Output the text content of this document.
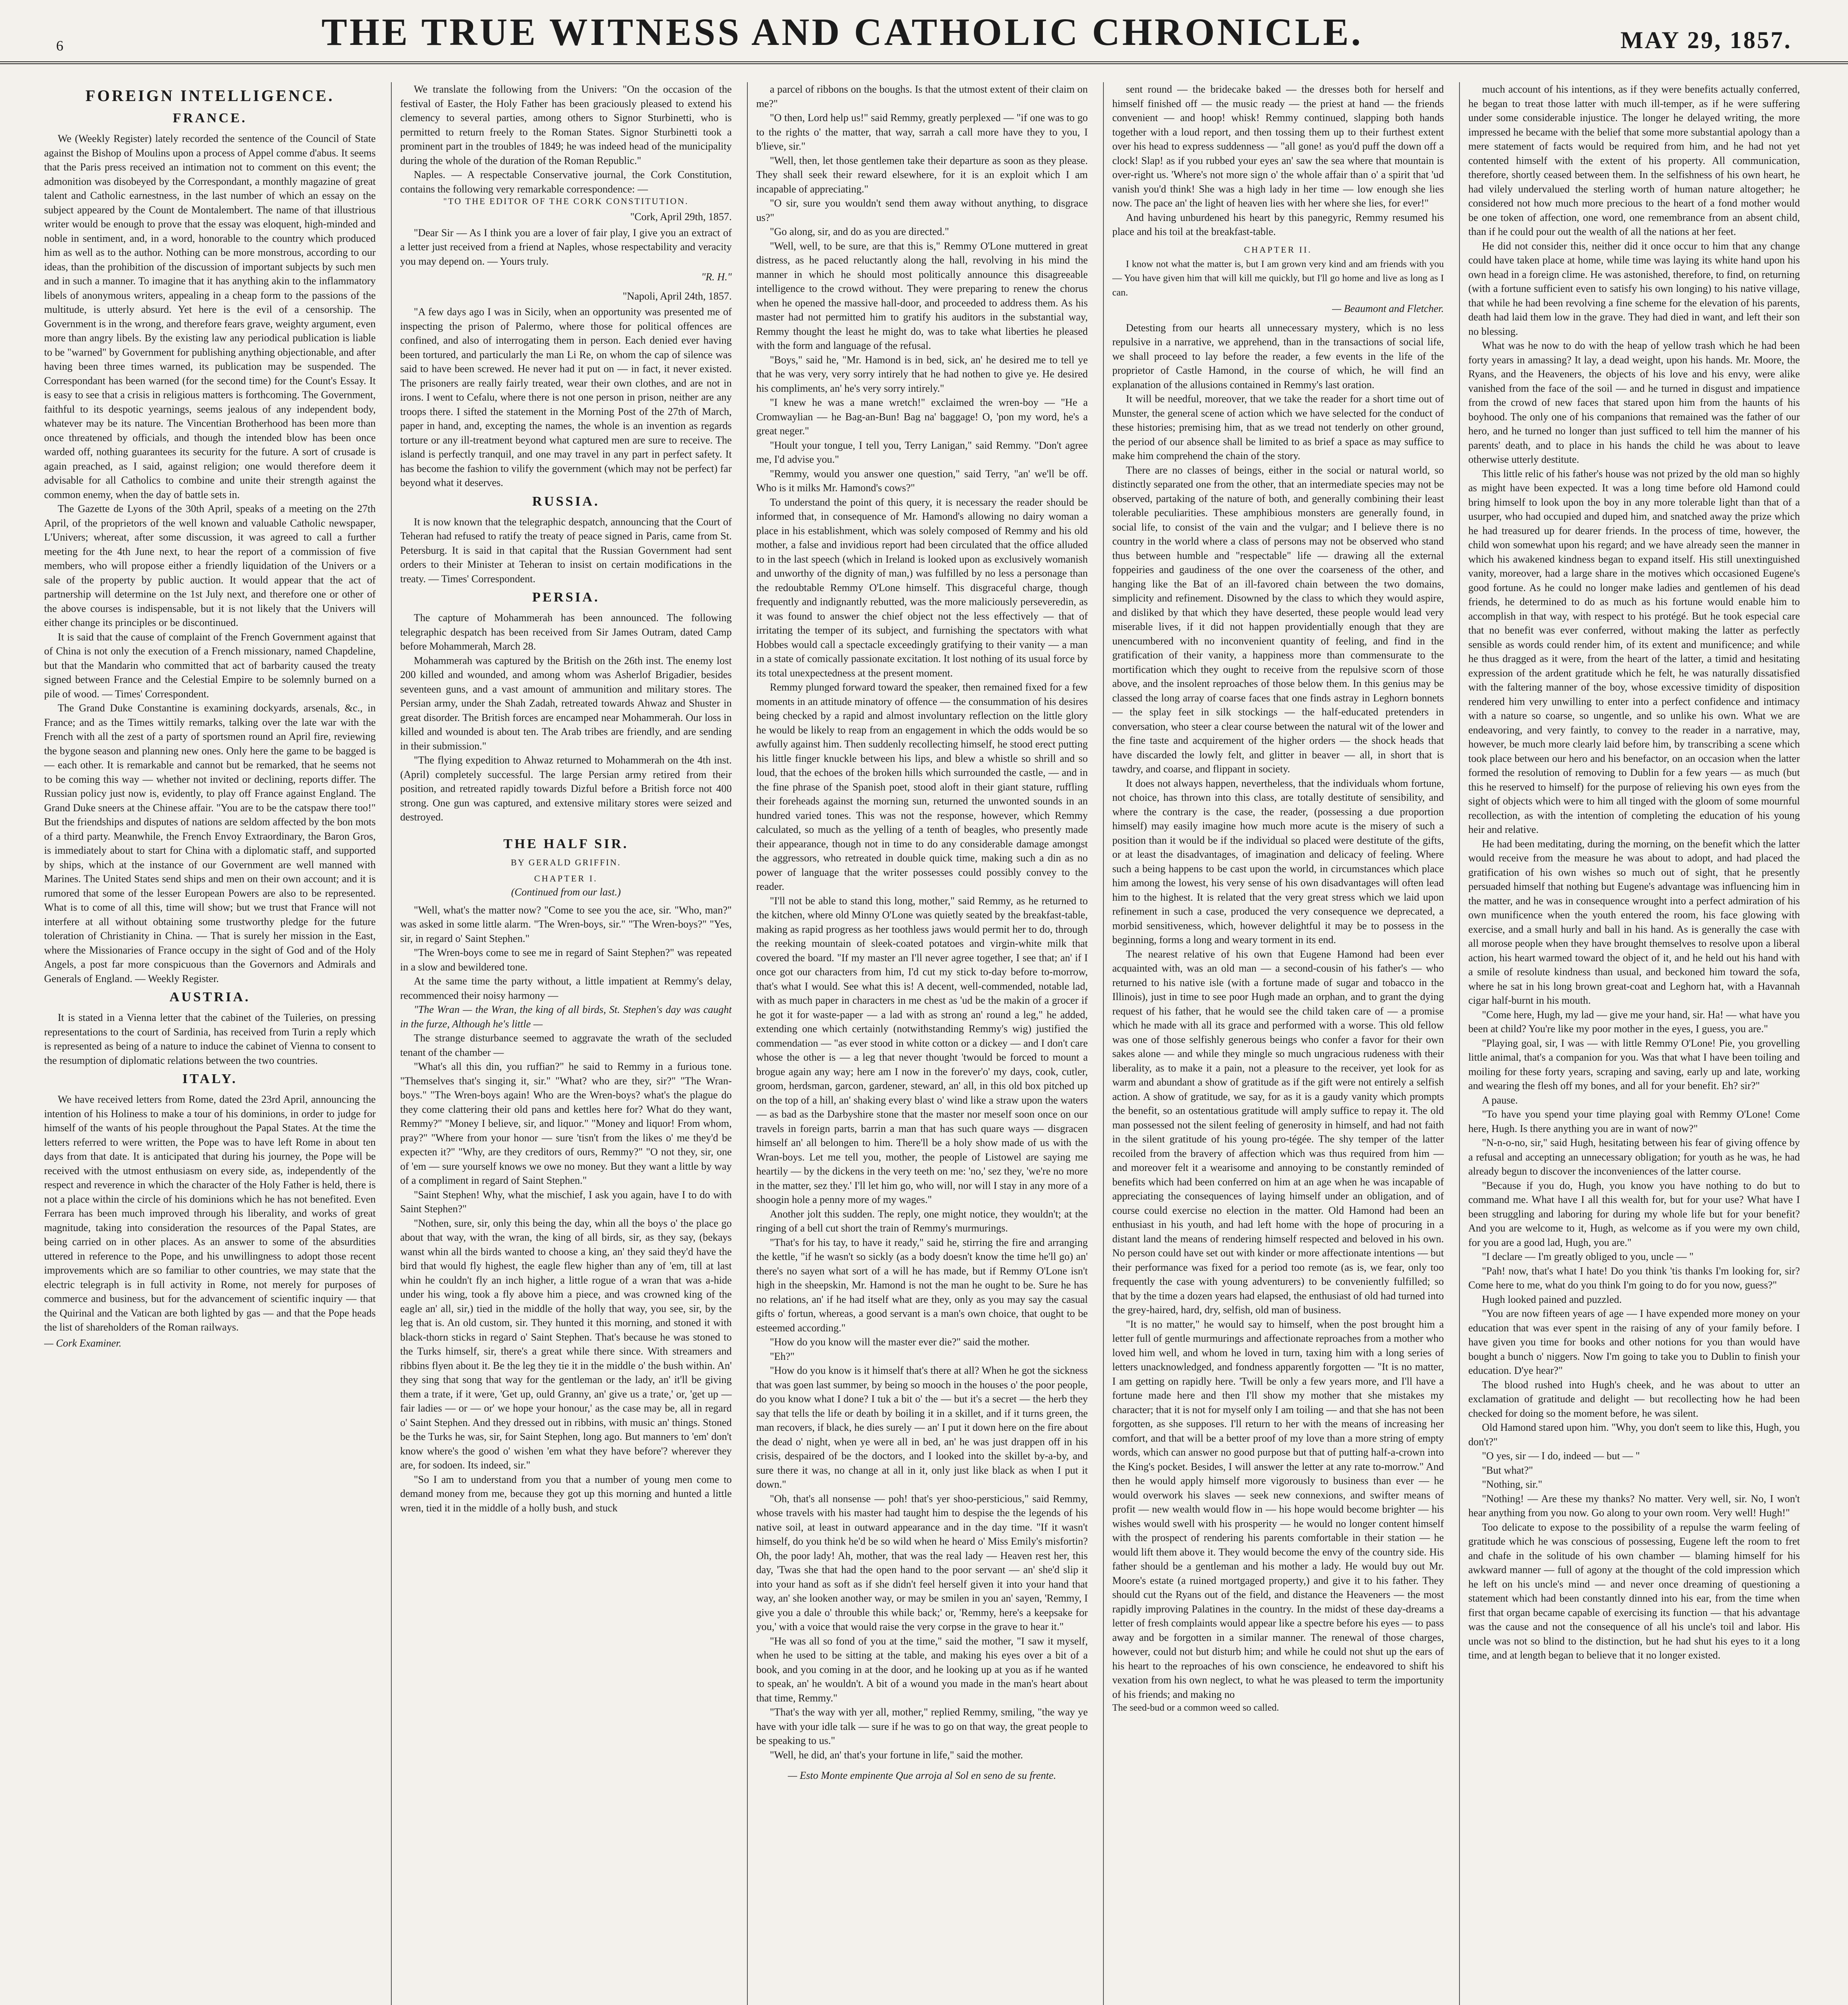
6	THE TRUE WITNESS AND CATHOLIC CHRONICLE.	MAY 29, 1857.
FOREIGN INTELLIGENCE.
FRANCE.

We (Weekly Register) lately recorded the sentence of the Council of State against the Bishop of Moulins upon a process of Appel comme d'abus. It seems that the Paris press received an intimation not to comment on this event; the admonition was disobeyed by the Correspondant, a monthly magazine of great talent and Catholic earnestness, in the last number of which an essay on the subject appeared by the Count de Montalembert. The name of that illustrious writer would be enough to prove that the essay was eloquent, high-minded and noble in sentiment, and, in a word, honorable to the country which produced him as well as to the author. Nothing can be more monstrous, according to our ideas, than the prohibition of the discussion of important subjects by such men and in such a manner. To imagine that it has anything akin to the inflammatory libels of anonymous writers, appealing in a cheap form to the passions of the multitude, is utterly absurd. Yet here is the evil of a censorship. The Government is in the wrong, and therefore fears grave, weighty argument, even more than angry libels. By the existing law any periodical publication is liable to be "warned" by Government for publishing anything objectionable, and after having been three times warned, its publication may be suspended. The Correspondant has been warned (for the second time) for the Count's Essay. It is easy to see that a crisis in religious matters is forthcoming. The Government, faithful to its despotic yearnings, seems jealous of any independent body, whatever may be its nature. The Vincentian Brotherhood has been more than once threatened by officials, and though the intended blow has been once warded off, nothing guarantees its security for the future. A sort of crusade is again preached, as I said, against religion; one would therefore deem it advisable for all Catholics to combine and unite their strength against the common enemy, when the day of battle sets in.

The Gazette de Lyons of the 30th April, speaks of a meeting on the 27th April, of the proprietors of the well known and valuable Catholic newspaper, L'Univers; whereat, after some discussion, it was agreed to call a further meeting for the 4th June next, to hear the report of a commission of five members, who will propose either a friendly liquidation of the Univers or a sale of the property by public auction. It would appear that the act of partnership will determine on the 1st July next, and therefore one or other of the above courses is indispensable, but it is not likely that the Univers will either change its principles or be discontinued.

It is said that the cause of complaint of the French Government against that of China is not only the execution of a French missionary, named Chapdeline, but that the Mandarin who committed that act of barbarity caused the treaty signed between France and the Celestial Empire to be solemnly burned on a pile of wood. — Times' Correspondent.

The Grand Duke Constantine is examining dockyards, arsenals, &c., in France; and as the Times wittily remarks, talking over the late war with the French with all the zest of a party of sportsmen round an April fire, reviewing the bygone season and planning new ones. Only here the game to be bagged is — each other. It is remarkable and cannot but be remarked, that he seems not to be coming this way — whether not invited or declining, reports differ. The Russian policy just now is, evidently, to play off France against England. The Grand Duke sneers at the Chinese affair. "You are to be the catspaw there too!" But the friendships and disputes of nations are seldom affected by the bon mots of a third party. Meanwhile, the French Envoy Extraordinary, the Baron Gros, is immediately about to start for China with a diplomatic staff, and supported by ships, which at the instance of our Government are well manned with Marines. The United States send ships and men on their own account; and it is rumored that some of the lesser European Powers are also to be represented. What is to come of all this, time will show; but we trust that France will not interfere at all without obtaining some trustworthy pledge for the future toleration of Christianity in China. — That is surely her mission in the East, where the Missionaries of France occupy in the sight of God and of the Holy Angels, a post far more conspicuous than the Governors and Admirals and Generals of England. — Weekly Register.

AUSTRIA.

It is stated in a Vienna letter that the cabinet of the Tuileries, on pressing representations to the court of Sardinia, has received from Turin a reply which is represented as being of a nature to induce the cabinet of Vienna to consent to the resumption of diplomatic relations between the two countries.

ITALY.

We have received letters from Rome, dated the 23rd April, announcing the intention of his Holiness to make a tour of his dominions, in order to judge for himself of the wants of his people throughout the Papal States. At the time the letters referred to were written, the Pope was to have left Rome in about ten days from that date. It is anticipated that during his journey, the Pope will be received with the utmost enthusiasm on every side, as, independently of the respect and reverence in which the character of the Holy Father is held, there is not a place within the circle of his dominions which he has not benefited. Even Ferrara has been much improved through his liberality, and works of great magnitude, taking into consideration the resources of the Papal States, are being carried on in other places. As an answer to some of the absurdities uttered in reference to the Pope, and his unwillingness to adopt those recent improvements which are so familiar to other countries, we may state that the electric telegraph is in full activity in Rome, not merely for purposes of commerce and business, but for the advancement of scientific inquiry — that the Quirinal and the Vatican are both lighted by gas — and that the Pope heads the list of shareholders of the Roman railways.

— Cork Examiner.

We translate the following from the Univers: "On the occasion of the festival of Easter, the Holy Father has been graciously pleased to extend his clemency to several parties, among others to Signor Sturbinetti, who is permitted to return freely to the Roman States. Signor Sturbinetti took a prominent part in the troubles of 1849; he was indeed head of the municipality during the whole of the duration of the Roman Republic."

Naples. — A respectable Conservative journal, the Cork Constitution, contains the following very remarkable correspondence: —

"TO THE EDITOR OF THE CORK CONSTITUTION.
"Cork, April 29th, 1857.

"Dear Sir — As I think you are a lover of fair play, I give you an extract of a letter just received from a friend at Naples, whose respectability and veracity you may depend on. — Yours truly.

"R. H."
"Napoli, April 24th, 1857.

"A few days ago I was in Sicily, when an opportunity was presented me of inspecting the prison of Palermo, where those for political offences are confined, and also of interrogating them in person. Each denied ever having been tortured, and particularly the man Li Re, on whom the cap of silence was said to have been screwed. He never had it put on — in fact, it never existed. The prisoners are really fairly treated, wear their own clothes, and are not in irons. I went to Cefalu, where there is not one person in prison, neither are any troops there. I sifted the statement in the Morning Post of the 27th of March, paper in hand, and, excepting the names, the whole is an invention as regards torture or any ill-treatment beyond what captured men are sure to receive. The island is perfectly tranquil, and one may travel in any part in perfect safety. It has become the fashion to vilify the government (which may not be perfect) far beyond what it deserves.

RUSSIA.

It is now known that the telegraphic despatch, announcing that the Court of Teheran had refused to ratify the treaty of peace signed in Paris, came from St. Petersburg. It is said in that capital that the Russian Government had sent orders to their Minister at Teheran to insist on certain modifications in the treaty. — Times' Correspondent.

PERSIA.

The capture of Mohammerah has been announced. The following telegraphic despatch has been received from Sir James Outram, dated Camp before Mohammerah, March 28.

Mohammerah was captured by the British on the 26th inst. The enemy lost 200 killed and wounded, and among whom was Asherlof Brigadier, besides seventeen guns, and a vast amount of ammunition and military stores. The Persian army, under the Shah Zadah, retreated towards Ahwaz and Shuster in great disorder. The British forces are encamped near Mohammerah. Our loss in killed and wounded is about ten. The Arab tribes are friendly, and are sending in their submission."

"The flying expedition to Ahwaz returned to Mohammerah on the 4th inst. (April) completely successful. The large Persian army retired from their position, and retreated rapidly towards Dizful before a British force not 400 strong. One gun was captured, and extensive military stores were seized and destroyed.

THE HALF SIR.
BY GERALD GRIFFIN.
CHAPTER I.
(Continued from our last.)

"Well, what's the matter now? "Come to see you the ace, sir. "Who, man?" was asked in some little alarm. "The Wren-boys, sir." "The Wren-boys?" "Yes, sir, in regard o' Saint Stephen."

"The Wren-boys come to see me in regard of Saint Stephen?" was repeated in a slow and bewildered tone.

At the same time the party without, a little impatient at Remmy's delay, recommenced their noisy harmony —

"The Wran — the Wran, the king of all birds, St. Stephen's day was caught in the furze, Although he's little —

The strange disturbance seemed to aggravate the wrath of the secluded tenant of the chamber —

"What's all this din, you ruffian?" he said to Remmy in a furious tone. "Themselves that's singing it, sir." "What? who are they, sir?" "The Wran-boys." "The Wren-boys again! Who are the Wren-boys? what's the plague do they come clattering their old pans and kettles here for? What do they want, Remmy?" "Money I believe, sir, and liquor." "Money and liquor! From whom, pray?" "Where from your honor — sure 'tisn't from the likes o' me they'd be expecten it?" "Why, are they creditors of ours, Remmy?" "O not they, sir, one of 'em — sure yourself knows we owe no money. But they want a little by way of a compliment in regard of Saint Stephen."

"Saint Stephen! Why, what the mischief, I ask you again, have I to do with Saint Stephen?"

"Nothen, sure, sir, only this being the day, whin all the boys o' the place go about that way, with the wran, the king of all birds, sir, as they say, (bekays wanst whin all the birds wanted to choose a king, an' they said they'd have the bird that would fly highest, the eagle flew higher than any of 'em, till at last whin he couldn't fly an inch higher, a little rogue of a wran that was a-hide under his wing, took a fly above him a piece, and was crowned king of the eagle an' all, sir,) tied in the middle of the holly that way, you see, sir, by the leg that is. An old custom, sir. They hunted it this morning, and stoned it with black-thorn sticks in regard o' Saint Stephen. That's because he was stoned to the Turks himself, sir, there's a great while there since. With streamers and ribbins flyen about it. Be the leg they tie it in the middle o' the bush within. An' they sing that song that way for the gentleman or the lady, an' it'll be giving them a trate, if it were, 'Get up, ould Granny, an' give us a trate,' or, 'get up — fair ladies — or — or' we hope your honour,' as the case may be, all in regard o' Saint Stephen. And they dressed out in ribbins, with music an' things. Stoned be the Turks he was, sir, for Saint Stephen, long ago. But manners to 'em' don't know where's the good o' wishen 'em what they have before'? wherever they are, for sodoen. Its indeed, sir."

"So I am to understand from you that a number of young men come to demand money from me, because they got up this morning and hunted a little wren, tied it in the middle of a holly bush, and stuck

a parcel of ribbons on the boughs. Is that the utmost extent of their claim on me?"

"O then, Lord help us!" said Remmy, greatly perplexed — "if one was to go to the rights o' the matter, that way, sarrah a call more have they to you, I b'lieve, sir."

"Well, then, let those gentlemen take their departure as soon as they please. They shall seek their reward elsewhere, for it is an exploit which I am incapable of appreciating."

"O sir, sure you wouldn't send them away without anything, to disgrace us?"

"Go along, sir, and do as you are directed."

"Well, well, to be sure, are that this is," Remmy O'Lone muttered in great distress, as he paced reluctantly along the hall, revolving in his mind the manner in which he should most politically announce this disagreeable intelligence to the crowd without. They were preparing to renew the chorus when he opened the massive hall-door, and proceeded to address them. As his master had not permitted him to gratify his auditors in the substantial way, Remmy thought the least he might do, was to take what liberties he pleased with the form and language of the refusal.

"Boys," said he, "Mr. Hamond is in bed, sick, an' he desired me to tell ye that he was very, very sorry intirely that he had nothen to give ye. He desired his compliments, an' he's very sorry intirely."

"I knew he was a mane wretch!" exclaimed the wren-boy — "He a Cromwaylian — he Bag-an-Bun! Bag na' baggage! O, 'pon my word, he's a great neger."

"Hoult your tongue, I tell you, Terry Lanigan," said Remmy. "Don't agree me, I'd advise you."

"Remmy, would you answer one question," said Terry, "an' we'll be off. Who is it milks Mr. Hamond's cows?"

To understand the point of this query, it is necessary the reader should be informed that, in consequence of Mr. Hamond's allowing no dairy woman a place in his establishment, which was solely composed of Remmy and his old mother, a false and invidious report had been circulated that the office alluded to in the last speech (which in Ireland is looked upon as exclusively womanish and unworthy of the dignity of man,) was fulfilled by no less a personage than the redoubtable Remmy O'Lone himself. This disgraceful charge, though frequently and indignantly rebutted, was the more maliciously perseveredin, as it was found to answer the chief object not the less effectively — that of irritating the temper of its subject, and furnishing the spectators with what Hobbes would call a spectacle exceedingly gratifying to their vanity — a man in a state of comically passionate excitation. It lost nothing of its usual force by its total unexpectedness at the present moment.

Remmy plunged forward toward the speaker, then remained fixed for a few moments in an attitude minatory of offence — the consummation of his desires being checked by a rapid and almost involuntary reflection on the little glory he would be likely to reap from an engagement in which the odds would be so awfully against him. Then suddenly recollecting himself, he stood erect putting his little finger knuckle between his lips, and blew a whistle so shrill and so loud, that the echoes of the broken hills which surrounded the castle, — and in the fine phrase of the Spanish poet, stood aloft in their giant stature, ruffling their foreheads against the morning sun, returned the unwonted sounds in an hundred varied tones. This was not the response, however, which Remmy calculated, so much as the yelling of a tenth of beagles, who presently made their appearance, though not in time to do any considerable damage amongst the aggressors, who retreated in double quick time, making such a din as no power of language that the writer possesses could possibly convey to the reader.

"I'll not be able to stand this long, mother," said Remmy, as he returned to the kitchen, where old Minny O'Lone was quietly seated by the breakfast-table, making as rapid progress as her toothless jaws would permit her to do, through the reeking mountain of sleek-coated potatoes and virgin-white milk that covered the board. "If my master an I'll never agree together, I see that; an' if I once got our characters from him, I'd cut my stick to-day before to-morrow, that's what I would. See what this is! A decent, well-commended, notable lad, with as much paper in characters in me chest as 'ud be the makin of a grocer if he got it for waste-paper — a lad with as strong an' round a leg," he added, extending one which certainly (notwithstanding Remmy's wig) justified the commendation — "as ever stood in white cotton or a dickey — and I don't care whose the other is — a leg that never thought 'twould be forced to mount a brogue again any way; here am I now in the forever'o' my days, cook, cutler, groom, herdsman, garcon, gardener, steward, an' all, in this old box pitched up on the top of a hill, an' shaking every blast o' wind like a straw upon the waters — as bad as the Darbyshire stone that the master nor meself soon once on our travels in foreign parts, barrin a man that has such quare ways — disgracen himself an' all belongen to him. There'll be a holy show made of us with the Wran-boys. Let me tell you, mother, the people of Listowel are saying me heartily — by the dickens in the very teeth on me: 'no,' sez they, 'we're no more in the matter, sez they.' I'll let him go, who will, nor will I stay in any more of a shoogin hole a penny more of my wages."

Another jolt this sudden. The reply, one might notice, they wouldn't; at the ringing of a bell cut short the train of Remmy's murmurings.

"That's for his tay, to have it ready," said he, stirring the fire and arranging the kettle, "if he wasn't so sickly (as a body doesn't know the time he'll go) an' there's no sayen what sort of a will he has made, but if Remmy O'Lone isn't high in the sheepskin, Mr. Hamond is not the man he ought to be. Sure he has no relations, an' if he had itself what are they, only as you may say the casual gifts o' fortun, whereas, a good servant is a man's own choice, that ought to be esteemed according."

"How do you know will the master ever die?" said the mother.

"Eh?"

"How do you know is it himself that's there at all? When he got the sickness that was goen last summer, by being so mooch in the houses o' the poor people, do you know what I done? I tuk a bit o' the — but it's a secret — the herb they say that tells the life or death by boiling it in a skillet, and if it turns green, the man recovers, if black, he dies surely — an' I put it down here on the fire about the dead o' night, when ye were all in bed, an' he was just drappen off in his crisis, despaired of be the doctors, and I looked into the skillet by-a-by, and sure there it was, no change at all in it, only just like black as when I put it down."

"Oh, that's all nonsense — poh! that's yer shoo-persticious," said Remmy, whose travels with his master had taught him to despise the the legends of his native soil, at least in outward appearance and in the day time. "If it wasn't himself, do you think he'd be so wild when he heard o' Miss Emily's misfortin? Oh, the poor lady! Ah, mother, that was the real lady — Heaven rest her, this day, 'Twas she that had the open hand to the poor servant — an' she'd slip it into your hand as soft as if she didn't feel herself given it into your hand that way, an' she looken another way, or may be smilen in you an' sayen, 'Remmy, I give you a dale o' throuble this while back;' or, 'Remmy, here's a keepsake for you,' with a voice that would raise the very corpse in the grave to hear it."

"He was all so fond of you at the time," said the mother, "I saw it myself, when he used to be sitting at the table, and making his eyes over a bit of a book, and you coming in at the door, and he looking up at you as if he wanted to speak, an' he wouldn't. A bit of a wound you made in the man's heart about that time, Remmy."

"That's the way with yer all, mother," replied Remmy, smiling, "the way ye have with your idle talk — sure if he was to go on that way, the great people to be speaking to us."

"Well, he did, an' that's your fortune in life," said the mother.

— Esto Monte empinente Que arroja al Sol en seno de su frente.

sent round — the bridecake baked — the dresses both for herself and himself finished off — the music ready — the priest at hand — the friends convenient — and hoop! whisk! Remmy continued, slapping both hands together with a loud report, and then tossing them up to their furthest extent over his head to express suddenness — "all gone! as you'd puff the down off a clock! Slap! as if you rubbed your eyes an' saw the sea where that mountain is over-right us. 'Where's not more sign o' the whole affair than o' a spirit that 'ud vanish you'd think! She was a high lady in her time — low enough she lies now. The pace an' the light of heaven lies with her where she lies, for ever!"

And having unburdened his heart by this panegyric, Remmy resumed his place and his toil at the breakfast-table.

CHAPTER II.

I know not what the matter is, but I am grown very kind and am friends with you — You have given him that will kill me quickly, but I'll go home and live as long as I can.

— Beaumont and Fletcher.

Detesting from our hearts all unnecessary mystery, which is no less repulsive in a narrative, we apprehend, than in the transactions of social life, we shall proceed to lay before the reader, a few events in the life of the proprietor of Castle Hamond, in the course of which, he will find an explanation of the allusions contained in Remmy's last oration.

It will be needful, moreover, that we take the reader for a short time out of Munster, the general scene of action which we have selected for the conduct of these histories; premising him, that as we tread not tenderly on other ground, the period of our absence shall be limited to as brief a space as may suffice to make him comprehend the chain of the story.

There are no classes of beings, either in the social or natural world, so distinctly separated one from the other, that an intermediate species may not be observed, partaking of the nature of both, and generally combining their least tolerable peculiarities. These amphibious monsters are generally found, in social life, to consist of the vain and the vulgar; and I believe there is no country in the world where a class of persons may not be observed who stand thus between humble and "respectable" life — drawing all the external foppeiries and gaudiness of the one over the coarseness of the other, and hanging like the Bat of an ill-favored chain between the two domains, simplicity and refinement. Disowned by the class to which they would aspire, and disliked by that which they have deserted, these people would lead very miserable lives, if it did not happen providentially enough that they are unencumbered with no inconvenient quantity of feeling, and find in the gratification of their vanity, a happiness more than commensurate to the mortification which they ought to receive from the repulsive scorn of those above, and the insolent reproaches of those below them. In this genius may be classed the long array of coarse faces that one finds astray in Leghorn bonnets — the splay feet in silk stockings — the half-educated pretenders in conversation, who steer a clear course between the natural wit of the lower and the fine taste and acquirement of the higher orders — the shock heads that have discarded the lowly felt, and glitter in beaver — all, in short that is tawdry, and coarse, and flippant in society.

It does not always happen, nevertheless, that the individuals whom fortune, not choice, has thrown into this class, are totally destitute of sensibility, and where the contrary is the case, the reader, (possessing a due proportion himself) may easily imagine how much more acute is the misery of such a position than it would be if the individual so placed were destitute of the gifts, or at least the disadvantages, of imagination and delicacy of feeling. Where such a being happens to be cast upon the world, in circumstances which place him among the lowest, his very sense of his own disadvantages will often lead him to the highest. It is related that the very great stress which we laid upon refinement in such a case, produced the very consequence we deprecated, a morbid sensitiveness, which, however delightful it may be to possess in the beginning, forms a long and weary torment in its end.

The nearest relative of his own that Eugene Hamond had been ever acquainted with, was an old man — a second-cousin of his father's — who returned to his native isle (with a fortune made of sugar and tobacco in the Illinois), just in time to see poor Hugh made an orphan, and to grant the dying request of his father, that he would see the child taken care of — a promise which he made with all its grace and performed with a worse. This old fellow was one of those selfishly generous beings who confer a favor for their own sakes alone — and while they mingle so much ungracious rudeness with their liberality, as to make it a pain, not a pleasure to the receiver, yet look for as warm and abundant a show of gratitude as if the gift were not entirely a selfish action. A show of gratitude, we say, for as it is a gaudy vanity which prompts the benefit, so an ostentatious gratitude will amply suffice to repay it. The old man possessed not the silent feeling of generosity in himself, and had not faith in the silent gratitude of his young pro-tégée. The shy temper of the latter recoiled from the bravery of affection which was thus required from him — and moreover felt it a wearisome and annoying to be constantly reminded of benefits which had been conferred on him at an age when he was incapable of appreciating the consequences of laying himself under an obligation, and of course could exercise no election in the matter. Old Hamond had been an enthusiast in his youth, and had left home with the hope of procuring in a distant land the means of rendering himself respected and beloved in his own. No person could have set out with kinder or more affectionate intentions — but their performance was fixed for a period too remote (as is, we fear, only too frequently the case with young adventurers) to be conveniently fulfilled; so that by the time a dozen years had elapsed, the enthusiast of old had turned into the grey-haired, hard, dry, selfish, old man of business.

"It is no matter," he would say to himself, when the post brought him a letter full of gentle murmurings and affectionate reproaches from a mother who loved him well, and whom he loved in turn, taxing him with a long series of letters unacknowledged, and fondness apparently forgotten — "It is no matter, I am getting on rapidly here. 'Twill be only a few years more, and I'll have a fortune made here and then I'll show my mother that she mistakes my character; that it is not for myself only I am toiling — and that she has not been forgotten, as she supposes. I'll return to her with the means of increasing her comfort, and that will be a better proof of my love than a more string of empty words, which can answer no good purpose but that of putting half-a-crown into the King's pocket. Besides, I will answer the letter at any rate to-morrow." And then he would apply himself more vigorously to business than ever — he would overwork his slaves — seek new connexions, and swifter means of profit — new wealth would flow in — his hope would become brighter — his wishes would swell with his prosperity — he would no longer content himself with the prospect of rendering his parents comfortable in their station — he would lift them above it. They would become the envy of the country side. His father should be a gentleman and his mother a lady. He would buy out Mr. Moore's estate (a ruined mortgaged property,) and give it to his father. They should cut the Ryans out of the field, and distance the Heaveners — the most rapidly improving Palatines in the country. In the midst of these day-dreams a letter of fresh complaints would appear like a spectre before his eyes — to pass away and be forgotten in a similar manner. The renewal of those charges, however, could not but disturb him; and while he could not shut up the ears of his heart to the reproaches of his own conscience, he endeavored to shift his vexation from his own neglect, to what he was pleased to term the importunity of his friends; and making no

The seed-bud or a common weed so called.

much account of his intentions, as if they were benefits actually conferred, he began to treat those latter with much ill-temper, as if he were suffering under some considerable injustice. The longer he delayed writing, the more impressed he became with the belief that some more substantial apology than a mere statement of facts would be required from him, and he had not yet contented himself with the extent of his property. All communication, therefore, shortly ceased between them. In the selfishness of his own heart, he had vilely undervalued the sterling worth of human nature altogether; he considered not how much more precious to the heart of a fond mother would be one token of affection, one word, one remembrance from an absent child, than if he could pour out the wealth of all the nations at her feet.

He did not consider this, neither did it once occur to him that any change could have taken place at home, while time was laying its white hand upon his own head in a foreign clime. He was astonished, therefore, to find, on returning (with a fortune sufficient even to satisfy his own longing) to his native village, that while he had been revolving a fine scheme for the elevation of his parents, death had laid them low in the grave. They had died in want, and left their son no blessing.

What was he now to do with the heap of yellow trash which he had been forty years in amassing? It lay, a dead weight, upon his hands. Mr. Moore, the Ryans, and the Heaveners, the objects of his love and his envy, were alike vanished from the face of the soil — and he turned in disgust and impatience from the crowd of new faces that stared upon him from the haunts of his boyhood. The only one of his companions that remained was the father of our hero, and he turned no longer than just sufficed to tell him the manner of his parents' death, and to place in his hands the child he was about to leave otherwise utterly destitute.

This little relic of his father's house was not prized by the old man so highly as might have been expected. It was a long time before old Hamond could bring himself to look upon the boy in any more tolerable light than that of a usurper, who had occupied and duped him, and snatched away the prize which he had treasured up for dearer friends. In the process of time, however, the child won somewhat upon his regard; and we have already seen the manner in which his awakened kindness began to expand itself. His still unextinguished vanity, moreover, had a large share in the motives which occasioned Eugene's good fortune. As he could no longer make ladies and gentlemen of his dead friends, he determined to do as much as his fortune would enable him to accomplish in that way, with respect to his protégé. But he took especial care that no benefit was ever conferred, without making the latter as perfectly sensible as words could render him, of its extent and munificence; and while he thus dragged as it were, from the heart of the latter, a timid and hesitating expression of the ardent gratitude which he felt, he was naturally dissatisfied with the faltering manner of the boy, whose excessive timidity of disposition rendered him very unwilling to enter into a perfect confidence and intimacy with a nature so coarse, so ungentle, and so unlike his own. What we are endeavoring, and very faintly, to convey to the reader in a narrative, may, however, be much more clearly laid before him, by transcribing a scene which took place between our hero and his benefactor, on an occasion when the latter formed the resolution of removing to Dublin for a few years — as much (but this he reserved to himself) for the purpose of relieving his own eyes from the sight of objects which were to him all tinged with the gloom of some mournful recollection, as with the intention of completing the education of his young heir and relative.

He had been meditating, during the morning, on the benefit which the latter would receive from the measure he was about to adopt, and had placed the gratification of his own wishes so much out of sight, that he presently persuaded himself that nothing but Eugene's advantage was influencing him in the matter, and he was in consequence wrought into a perfect admiration of his own munificence when the youth entered the room, his face glowing with exercise, and a small hurly and ball in his hand. As is generally the case with all morose people when they have brought themselves to resolve upon a liberal action, his heart warmed toward the object of it, and he held out his hand with a smile of resolute kindness than usual, and beckoned him toward the sofa, where he sat in his long brown great-coat and Leghorn hat, with a Havannah cigar half-burnt in his mouth.

"Come here, Hugh, my lad — give me your hand, sir. Ha! — what have you been at child? You're like my poor mother in the eyes, I guess, you are."

"Playing goal, sir, I was — with little Remmy O'Lone! Pie, you grovelling little animal, that's a companion for you. Was that what I have been toiling and moiling for these forty years, scraping and saving, early up and late, working and wearing the flesh off my bones, and all for your benefit. Eh? sir?"

A pause.

"To have you spend your time playing goal with Remmy O'Lone! Come here, Hugh. Is there anything you are in want of now?"

"N-n-o-no, sir," said Hugh, hesitating between his fear of giving offence by a refusal and accepting an unnecessary obligation; for youth as he was, he had already begun to discover the inconveniences of the latter course.

"Because if you do, Hugh, you know you have nothing to do but to command me. What have I all this wealth for, but for your use? What have I been struggling and laboring for during my whole life but for your benefit? And you are welcome to it, Hugh, as welcome as if you were my own child, for you are a good lad, Hugh, you are."

"I declare — I'm greatly obliged to you, uncle — "

"Pah! now, that's what I hate! Do you think 'tis thanks I'm looking for, sir? Come here to me, what do you think I'm going to do for you now, guess?"

Hugh looked pained and puzzled.

"You are now fifteen years of age — I have expended more money on your education that was ever spent in the raising of any of your family before. I have given you time for books and other notions for you than would have bought a bunch o' niggers. Now I'm going to take you to Dublin to finish your education. D'ye hear?"

The blood rushed into Hugh's cheek, and he was about to utter an exclamation of gratitude and delight — but recollecting how he had been checked for doing so the moment before, he was silent.

Old Hamond stared upon him. "Why, you don't seem to like this, Hugh, you don't?"

"O yes, sir — I do, indeed — but — "

"But what?"

"Nothing, sir."

"Nothing! — Are these my thanks? No matter. Very well, sir. No, I won't hear anything from you now. Go along to your own room. Very well! Hugh!"

Too delicate to expose to the possibility of a repulse the warm feeling of gratitude which he was conscious of possessing, Eugene left the room to fret and chafe in the solitude of his own chamber — blaming himself for his awkward manner — full of agony at the thought of the cold impression which he left on his uncle's mind — and never once dreaming of questioning a statement which had been constantly dinned into his ear, from the time when first that organ became capable of exercising its function — that his advantage was the cause and not the consequence of all his uncle's toil and labor. His uncle was not so blind to the distinction, but he had shut his eyes to it a long time, and at length began to believe that it no longer existed.
